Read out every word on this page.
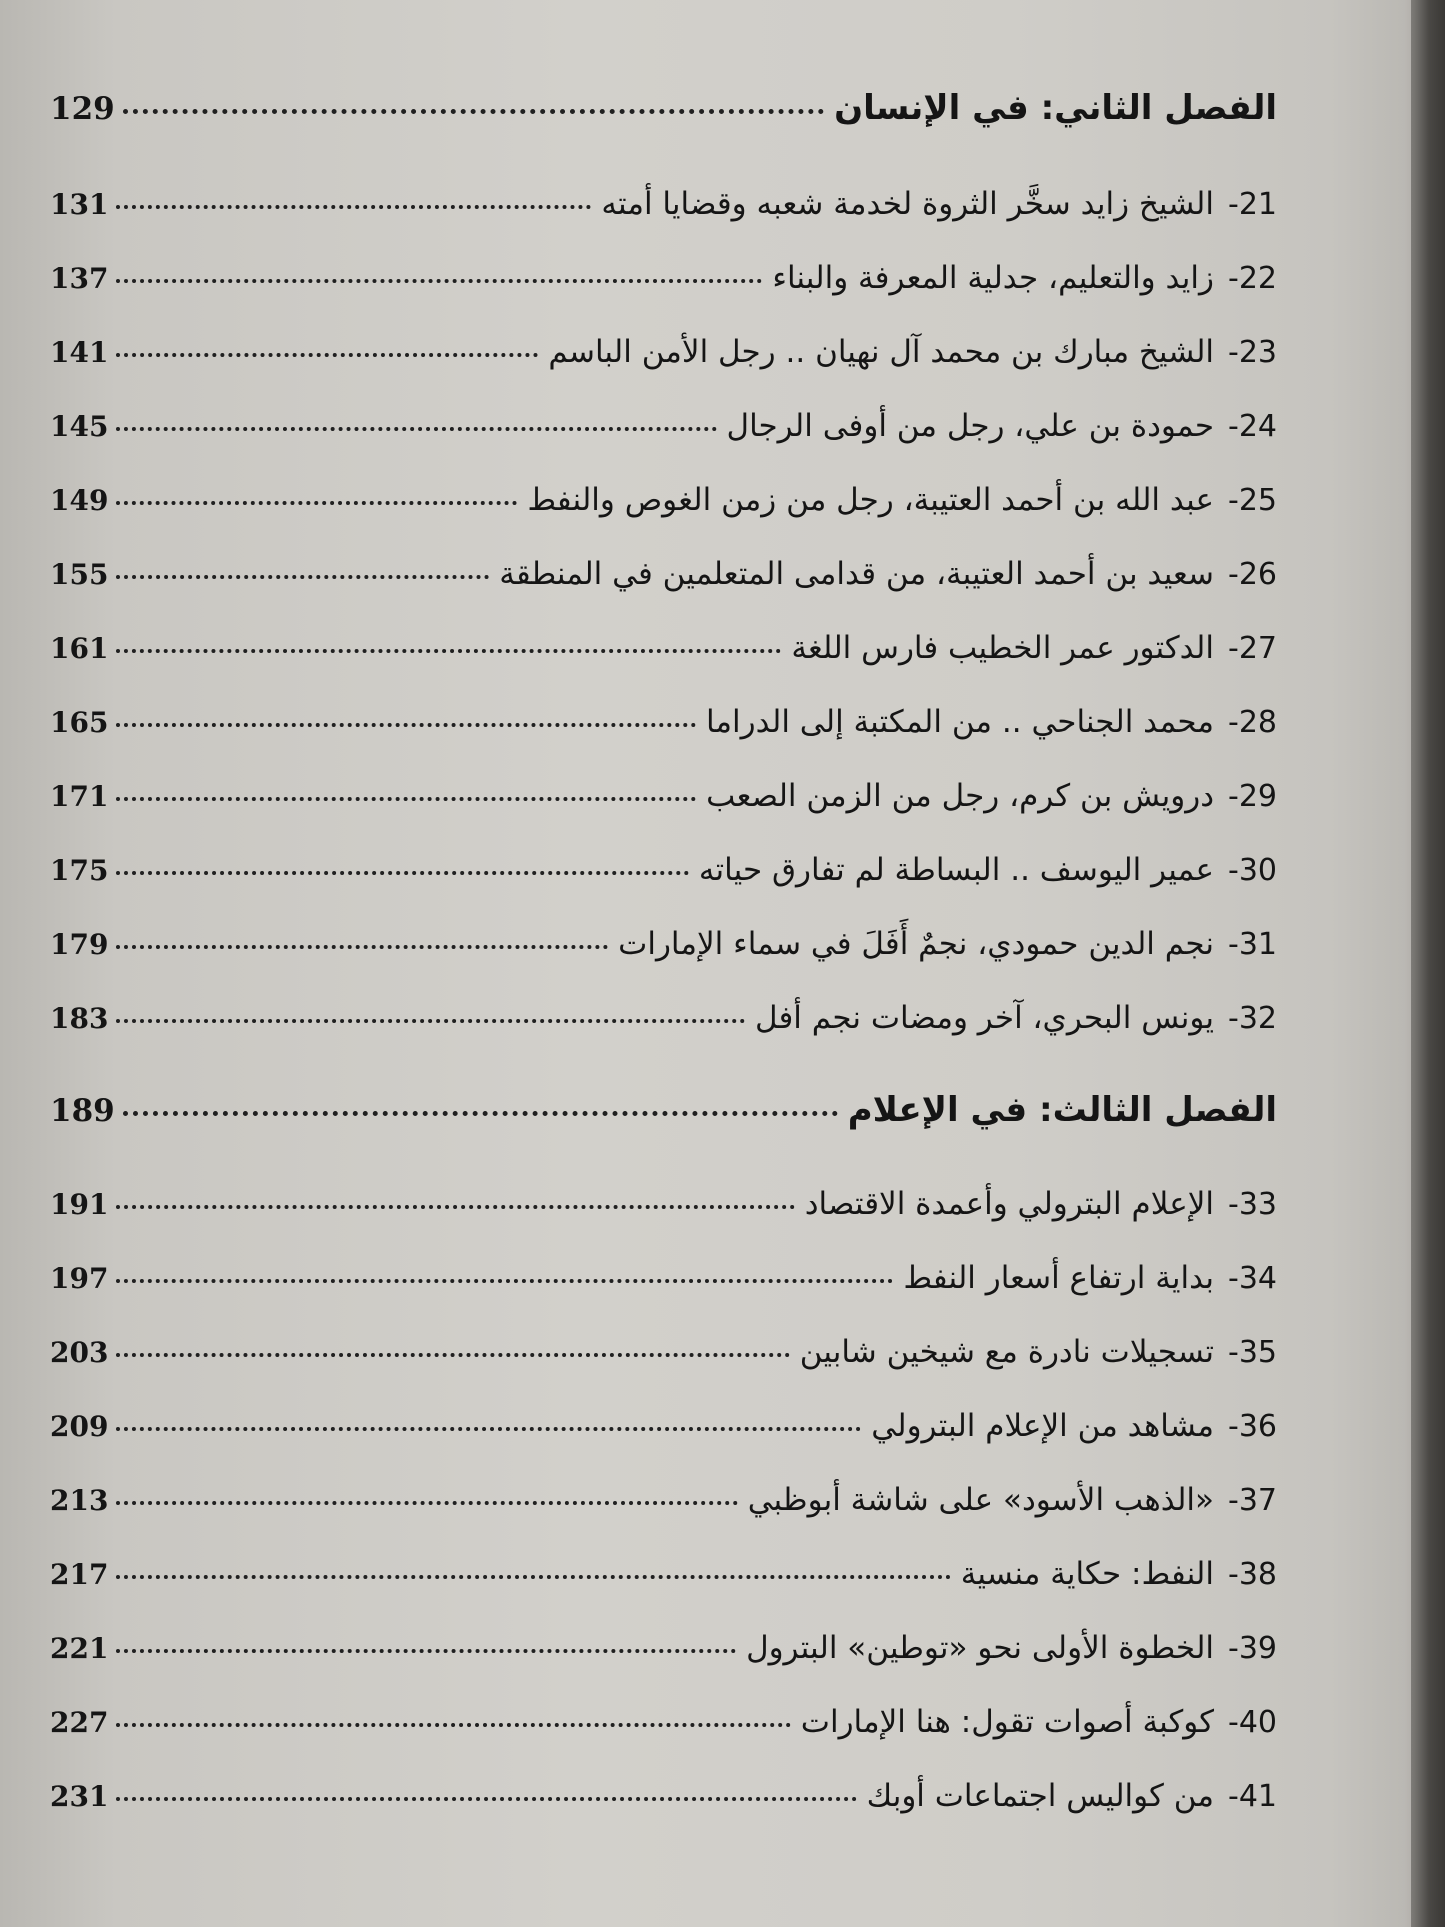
الفصل الثاني: في الإنسان
129
-21
الشيخ زايد سخَّر الثروة لخدمة شعبه وقضايا أمته
131
-22
زايد والتعليم، جدلية المعرفة والبناء
137
-23
الشيخ مبارك بن محمد آل نهيان .. رجل الأمن الباسم
141
-24
حمودة بن علي، رجل من أوفى الرجال
145
-25
عبد الله بن أحمد العتيبة، رجل من زمن الغوص والنفط
149
-26
سعيد بن أحمد العتيبة، من قدامى المتعلمين في المنطقة
155
-27
الدكتور عمر الخطيب فارس اللغة
161
-28
محمد الجناحي .. من المكتبة إلى الدراما
165
-29
درويش بن كرم، رجل من الزمن الصعب
171
-30
عمير اليوسف .. البساطة لم تفارق حياته
175
-31
نجم الدين حمودي، نجمٌ أَفَلَ في سماء الإمارات
179
-32
يونس البحري، آخر ومضات نجم أفل
183
الفصل الثالث: في الإعلام
189
-33
الإعلام البترولي وأعمدة الاقتصاد
191
-34
بداية ارتفاع أسعار النفط
197
-35
تسجيلات نادرة مع شيخين شابين
203
-36
مشاهد من الإعلام البترولي
209
-37
«الذهب الأسود» على شاشة أبوظبي
213
-38
النفط: حكاية منسية
217
-39
الخطوة الأولى نحو «توطين» البترول
221
-40
كوكبة أصوات تقول: هنا الإمارات
227
-41
من كواليس اجتماعات أوبك
231
